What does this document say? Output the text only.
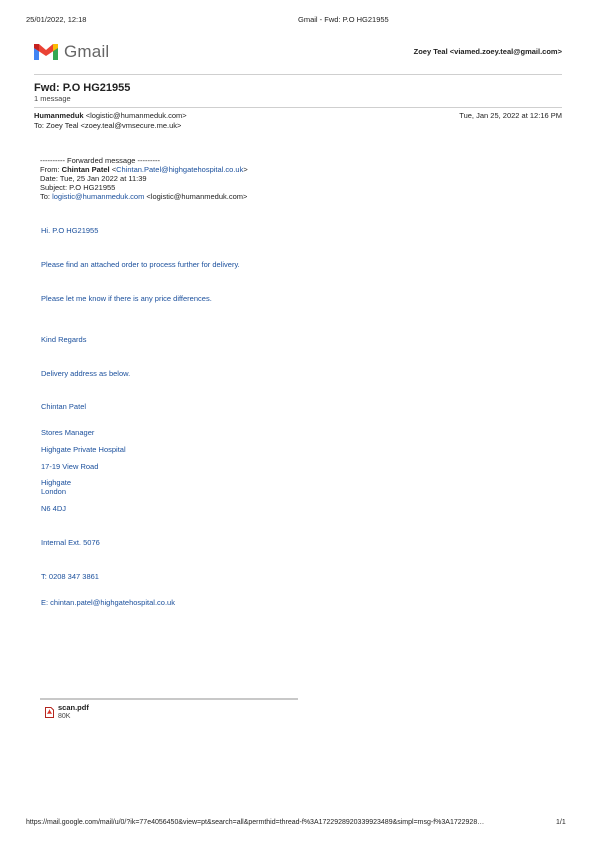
25/01/2022, 12:18	Gmail - Fwd: P.O HG21955
Gmail	Zoey Teal <viamed.zoey.teal@gmail.com>
Fwd: P.O HG21955
1 message
Humanmeduk <logistic@humanmeduk.com>	Tue, Jan 25, 2022 at 12:16 PM
To: Zoey Teal <zoey.teal@vmsecure.me.uk>
---------- Forwarded message ---------
From: Chintan Patel <Chintan.Patel@highgatehospital.co.uk>
Date: Tue, 25 Jan 2022 at 11:39
Subject: P.O HG21955
To: logistic@humanmeduk.com <logistic@humanmeduk.com>
Hi. P.O HG21955
Please find an attached order to process further for delivery.
Please let me know if there is any price differences.
Kind Regards
Delivery address as below.
Chintan Patel
Stores Manager
Highgate Private Hospital
17-19 View Road
Highgate
London
N6 4DJ
Internal Ext. 5076
T: 0208 347 3861
E: chintan.patel@highgatehospital.co.uk
scan.pdf
80K
https://mail.google.com/mail/u/0/?ik=77e4056450&view=pt&search=all&permthid=thread-f%3A1722928920339923489&simpl=msg-f%3A1722928…	1/1
